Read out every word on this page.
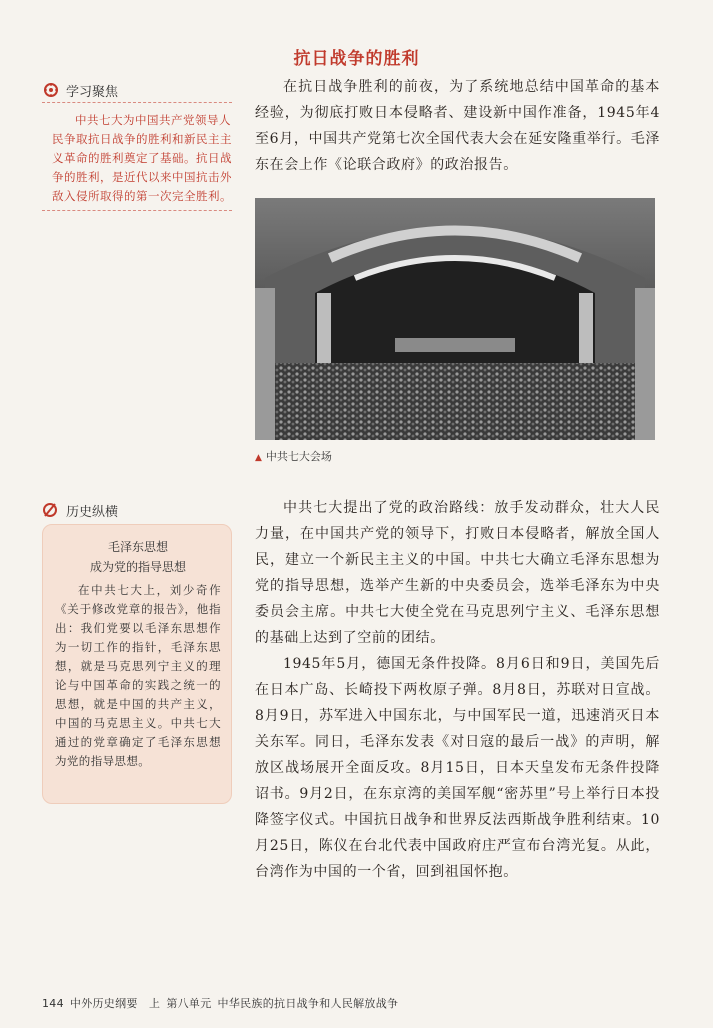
抗日战争的胜利
学习聚焦
中共七大为中国共产党领导人民争取抗日战争的胜利和新民主主义革命的胜利奠定了基础。抗日战争的胜利，是近代以来中国抗击外敌入侵所取得的第一次完全胜利。

在抗日战争胜利的前夜，为了系统地总结中国革命的基本经验，为彻底打败日本侵略者、建设新中国作准备，1945年4至6月，中国共产党第七次全国代表大会在延安隆重举行。毛泽东在会上作《论联合政府》的政治报告。

▲ 中共七大会场
历史纵横
毛泽东思想
成为党的指导思想
在中共七大上，刘少奇作《关于修改党章的报告》，他指出：我们党要以毛泽东思想作为一切工作的指针，毛泽东思想，就是马克思列宁主义的理论与中国革命的实践之统一的思想，就是中国的共产主义，中国的马克思主义。中共七大通过的党章确定了毛泽东思想为党的指导思想。

中共七大提出了党的政治路线：放手发动群众，壮大人民力量，在中国共产党的领导下，打败日本侵略者，解放全国人民，建立一个新民主主义的中国。中共七大确立毛泽东思想为党的指导思想，选举产生新的中央委员会，选举毛泽东为中央委员会主席。中共七大使全党在马克思列宁主义、毛泽东思想的基础上达到了空前的团结。

1945年5月，德国无条件投降。8月6日和9日，美国先后在日本广岛、长崎投下两枚原子弹。8月8日，苏联对日宣战。8月9日，苏军进入中国东北，与中国军民一道，迅速消灭日本关东军。同日，毛泽东发表《对日寇的最后一战》的声明，解放区战场展开全面反攻。8月15日，日本天皇发布无条件投降诏书。9月2日，在东京湾的美国军舰“密苏里”号上举行日本投降签字仪式。中国抗日战争和世界反法西斯战争胜利结束。10月25日，陈仪在台北代表中国政府庄严宣布台湾光复。从此，台湾作为中国的一个省，回到祖国怀抱。

144 中外历史纲要　上 第八单元 中华民族的抗日战争和人民解放战争
